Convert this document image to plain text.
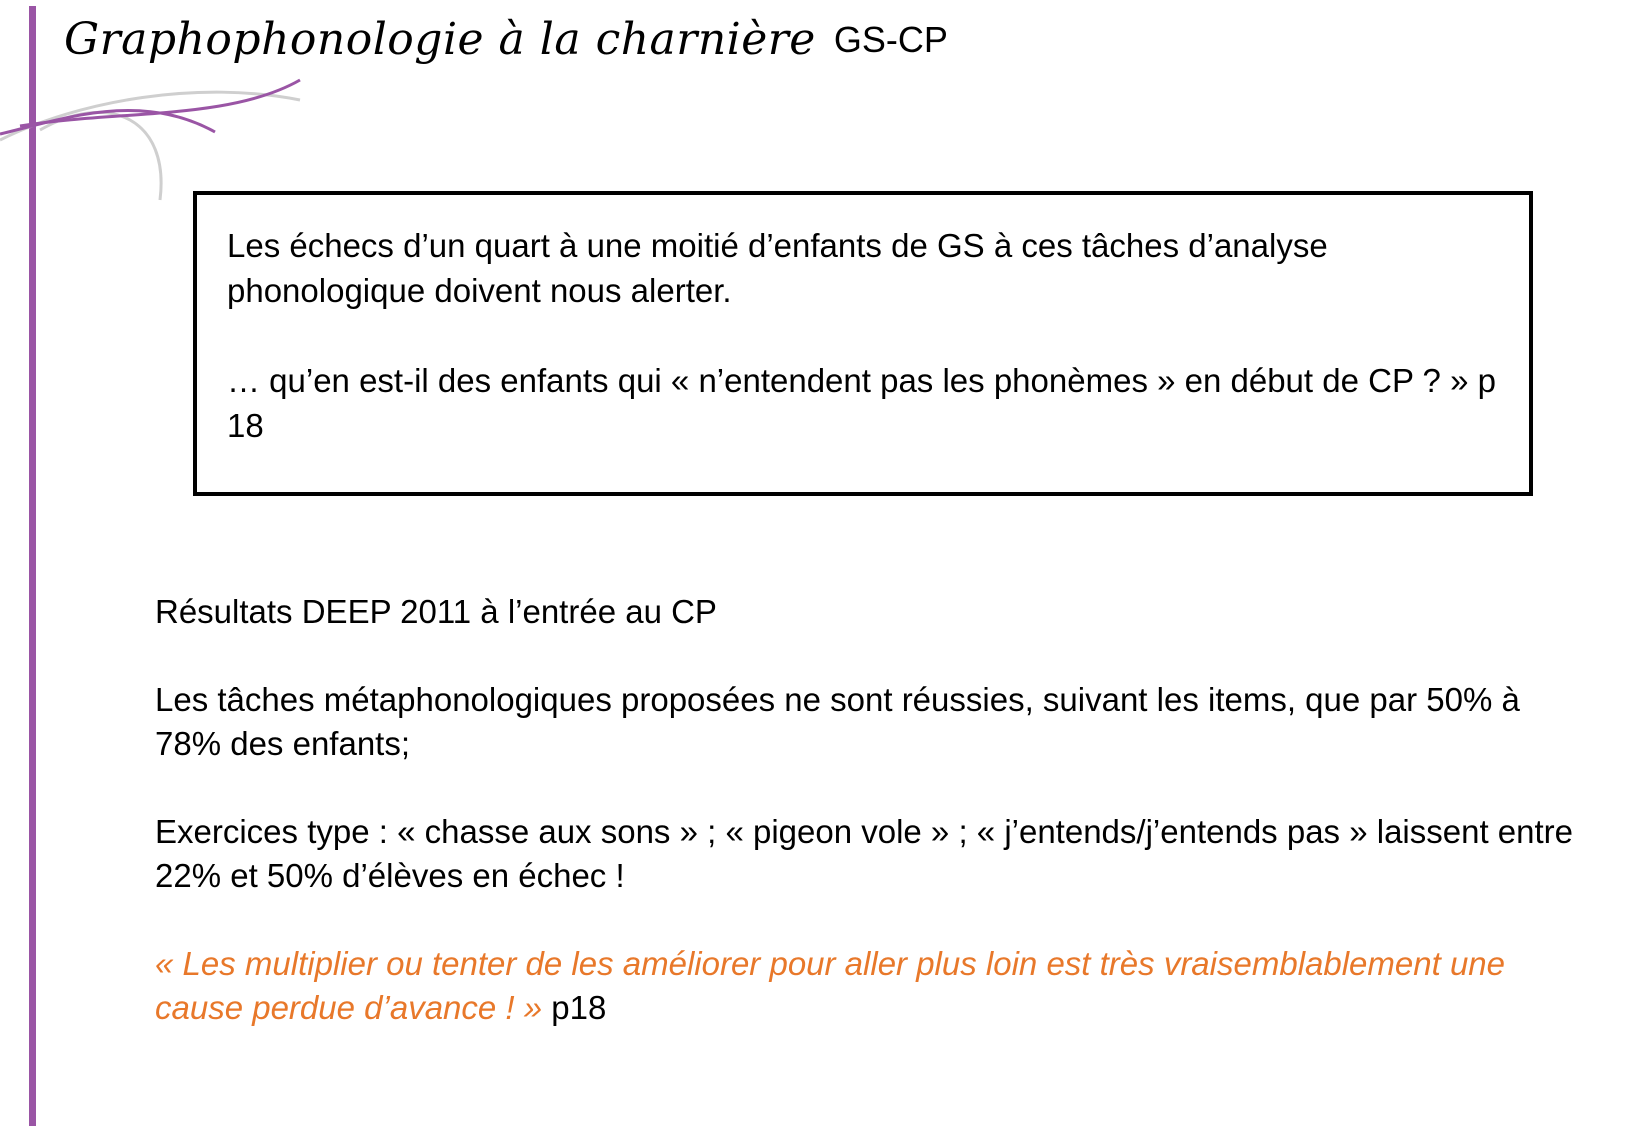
Graphophonologie à la charnière GS-CP

Les échecs d’un quart à une moitié d’enfants de GS à ces tâches d’analyse phonologique doivent nous alerter.

… qu’en est-il des enfants qui « n’entendent pas les phonèmes » en début de CP ? » p 18

Résultats DEEP 2011 à l’entrée au CP

Les tâches métaphonologiques proposées ne sont réussies, suivant les items, que par 50% à 78% des enfants;

Exercices type : « chasse aux sons » ; « pigeon vole » ; « j’entends/j’entends pas » laissent entre 22% et 50% d’élèves en échec !

« Les multiplier ou tenter de les améliorer pour aller plus loin est très vraisemblablement une cause perdue d’avance ! » p18
